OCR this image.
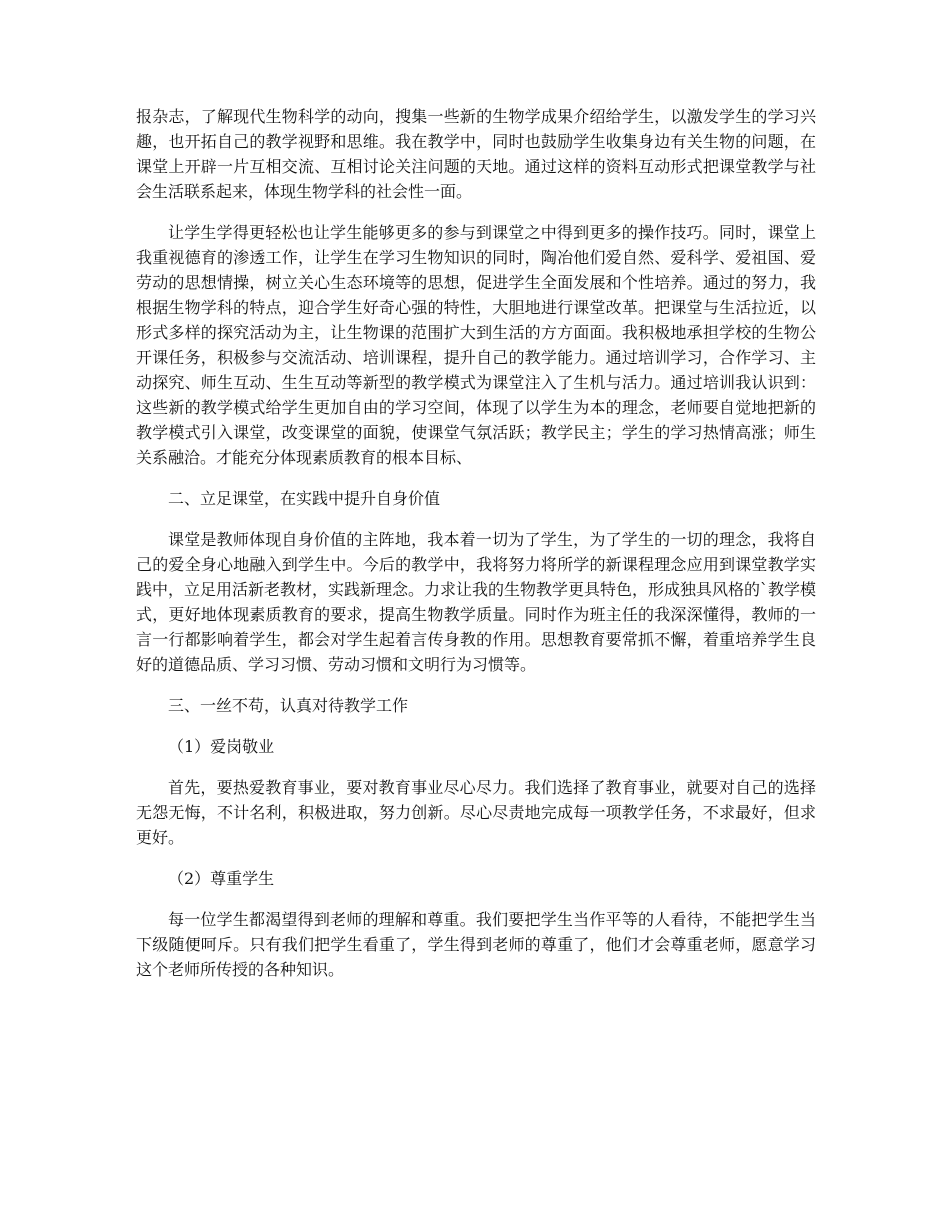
报杂志，了解现代生物科学的动向，搜集一些新的生物学成果介绍给学生，以激发学生的学习兴趣，也开拓自己的教学视野和思维。我在教学中，同时也鼓励学生收集身边有关生物的问题，在课堂上开辟一片互相交流、互相讨论关注问题的天地。通过这样的资料互动形式把课堂教学与社会生活联系起来，体现生物学科的社会性一面。

让学生学得更轻松也让学生能够更多的参与到课堂之中得到更多的操作技巧。同时，课堂上我重视德育的渗透工作，让学生在学习生物知识的同时，陶冶他们爱自然、爱科学、爱祖国、爱劳动的思想情操，树立关心生态环境等的思想，促进学生全面发展和个性培养。通过的努力，我根据生物学科的特点，迎合学生好奇心强的特性，大胆地进行课堂改革。把课堂与生活拉近，以形式多样的探究活动为主，让生物课的范围扩大到生活的方方面面。我积极地承担学校的生物公开课任务，积极参与交流活动、培训课程，提升自己的教学能力。通过培训学习，合作学习、主动探究、师生互动、生生互动等新型的教学模式为课堂注入了生机与活力。通过培训我认识到：这些新的教学模式给学生更加自由的学习空间，体现了以学生为本的理念，老师要自觉地把新的教学模式引入课堂，改变课堂的面貌，使课堂气氛活跃；教学民主；学生的学习热情高涨；师生关系融洽。才能充分体现素质教育的根本目标、

二、立足课堂，在实践中提升自身价值

课堂是教师体现自身价值的主阵地，我本着一切为了学生，为了学生的一切的理念，我将自己的爱全身心地融入到学生中。今后的教学中，我将努力将所学的新课程理念应用到课堂教学实践中，立足用活新老教材，实践新理念。力求让我的生物教学更具特色，形成独具风格的`教学模式，更好地体现素质教育的要求，提高生物教学质量。同时作为班主任的我深深懂得，教师的一言一行都影响着学生，都会对学生起着言传身教的作用。思想教育要常抓不懈，着重培养学生良好的道德品质、学习习惯、劳动习惯和文明行为习惯等。

三、一丝不苟，认真对待教学工作

（1）爱岗敬业

首先，要热爱教育事业，要对教育事业尽心尽力。我们选择了教育事业，就要对自己的选择无怨无悔，不计名利，积极进取，努力创新。尽心尽责地完成每一项教学任务，不求最好，但求更好。

（2）尊重学生

每一位学生都渴望得到老师的理解和尊重。我们要把学生当作平等的人看待，不能把学生当下级随便呵斥。只有我们把学生看重了，学生得到老师的尊重了，他们才会尊重老师，愿意学习这个老师所传授的各种知识。
